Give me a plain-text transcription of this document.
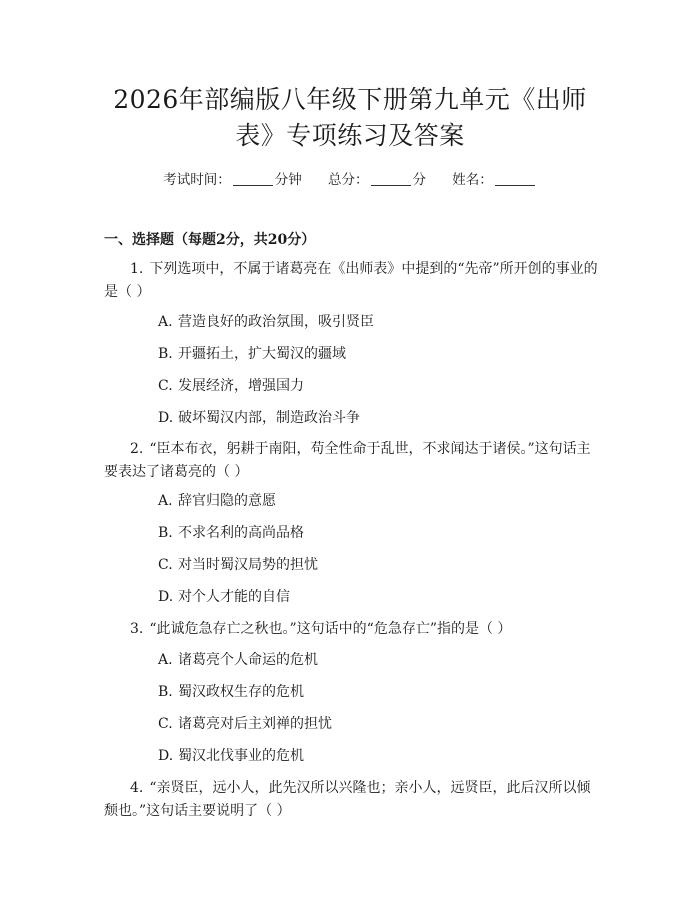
2026年部编版八年级下册第九单元《出师
表》专项练习及答案
考试时间：	分钟 总分：	分 姓名：
一、选择题（每题2分，共20分）
1. 下列选项中，不属于诸葛亮在《出师表》中提到的“先帝”所开创的事业的是（ ）
A. 营造良好的政治氛围，吸引贤臣
B. 开疆拓土，扩大蜀汉的疆域
C. 发展经济，增强国力
D. 破坏蜀汉内部，制造政治斗争
2. “臣本布衣，躬耕于南阳，苟全性命于乱世，不求闻达于诸侯。”这句话主要表达了诸葛亮的（ ）
A. 辞官归隐的意愿
B. 不求名利的高尚品格
C. 对当时蜀汉局势的担忧
D. 对个人才能的自信
3. “此诚危急存亡之秋也。”这句话中的“危急存亡”指的是（ ）
A. 诸葛亮个人命运的危机
B. 蜀汉政权生存的危机
C. 诸葛亮对后主刘禅的担忧
D. 蜀汉北伐事业的危机
4. “亲贤臣，远小人，此先汉所以兴隆也；亲小人，远贤臣，此后汉所以倾颓也。”这句话主要说明了（ ）
